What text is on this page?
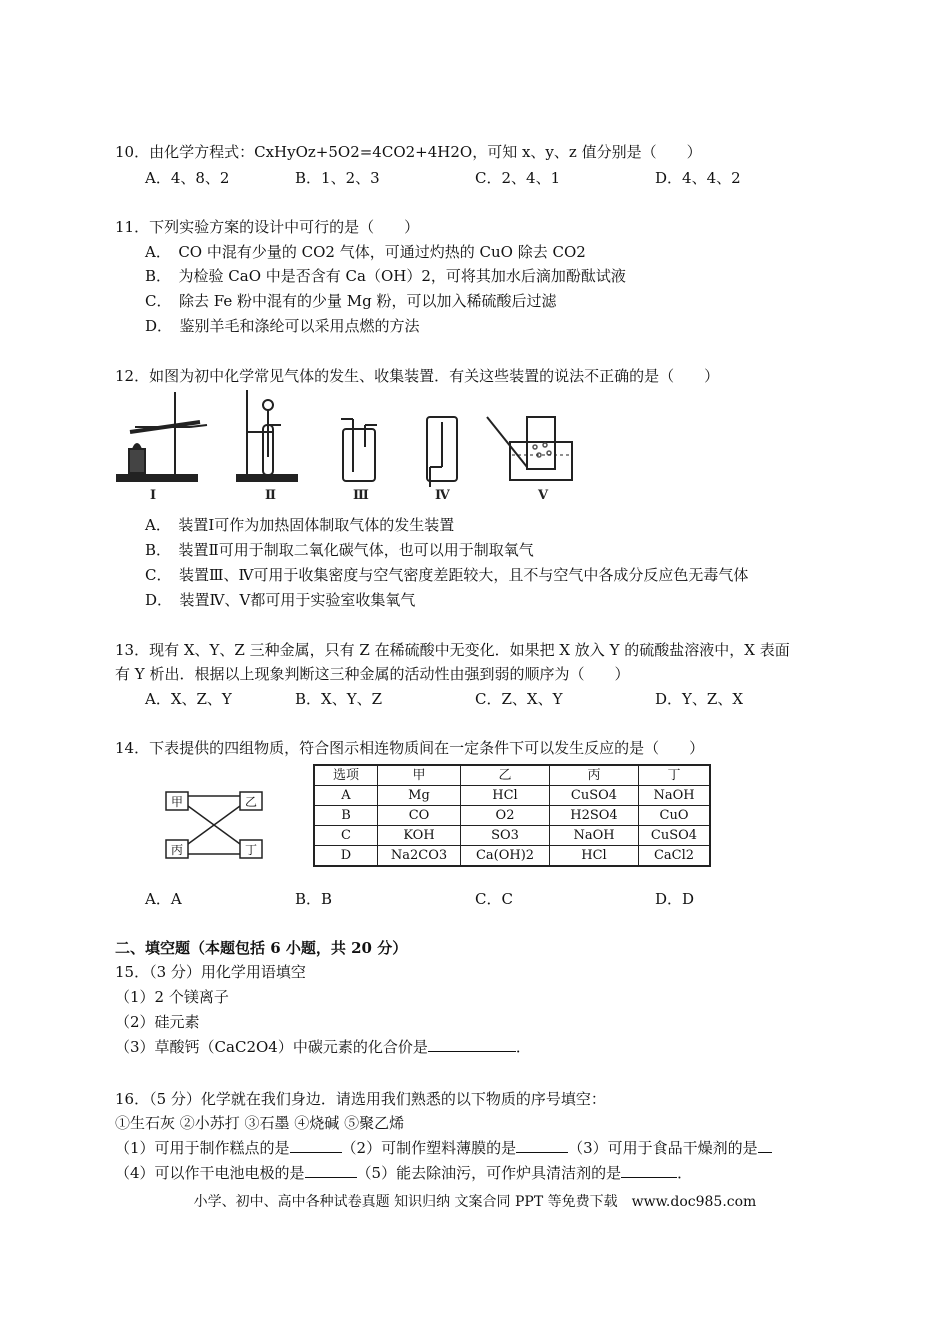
10．由化学方程式：CxHyOz+5O2=4CO2+4H2O，可知 x、y、z 值分别是（　　）
A．4、8、2	B．1、2、3	C．2、4、1	D．4、4、2
11．下列实验方案的设计中可行的是（　　）
A．　CO 中混有少量的 CO2 气体，可通过灼热的 CuO 除去 CO2
B．　为检验 CaO 中是否含有 Ca（OH）2，可将其加水后滴加酚酞试液
C．　除去 Fe 粉中混有的少量 Mg 粉，可以加入稀硫酸后过滤
D．　鉴别羊毛和涤纶可以采用点燃的方法
12．如图为初中化学常见气体的发生、收集装置．有关这些装置的说法不正确的是（　　）
Ⅰ	Ⅱ	Ⅲ	Ⅳ	Ⅴ
A．　装置Ⅰ可作为加热固体制取气体的发生装置
B．　装置Ⅱ可用于制取二氧化碳气体，也可以用于制取氧气
C．　装置Ⅲ、Ⅳ可用于收集密度与空气密度差距较大，且不与空气中各成分反应色无毒气体
D．　装置Ⅳ、Ⅴ都可用于实验室收集氧气
13．现有 X、Y、Z 三种金属，只有 Z 在稀硫酸中无变化．如果把 X 放入 Y 的硫酸盐溶液中，X 表面
有 Y 析出．根据以上现象判断这三种金属的活动性由强到弱的顺序为（　　）
A．X、Z、Y	B．X、Y、Z	C．Z、X、Y	D．Y、Z、X
14．下表提供的四组物质，符合图示相连物质间在一定条件下可以发生反应的是（　　）
甲	乙
丙	丁
选项	甲	乙	丙	丁
A	Mg	HCl	CuSO4	NaOH
B	CO	O2	H2SO4	CuO
C	KOH	SO3	NaOH	CuSO4
D	Na2CO3	Ca(OH)2	HCl	CaCl2
A．A	B．B	C．C	D．D
二、填空题（本题包括 6 小题，共 20 分）
15．（3 分）用化学用语填空
（1）2 个镁离子
（2）硅元素
（3）草酸钙（CaC2O4）中碳元素的化合价是	．
16．（5 分）化学就在我们身边．请选用我们熟悉的以下物质的序号填空：
①生石灰 ②小苏打 ③石墨 ④烧碱 ⑤聚乙烯
（1）可用于制作糕点的是	（2）可制作塑料薄膜的是	（3）可用于食品干燥剂的是
（4）可以作干电池电极的是	（5）能去除油污，可作炉具清洁剂的是	．
小学、初中、高中各种试卷真题 知识归纳 文案合同 PPT 等免费下载　www.doc985.com
